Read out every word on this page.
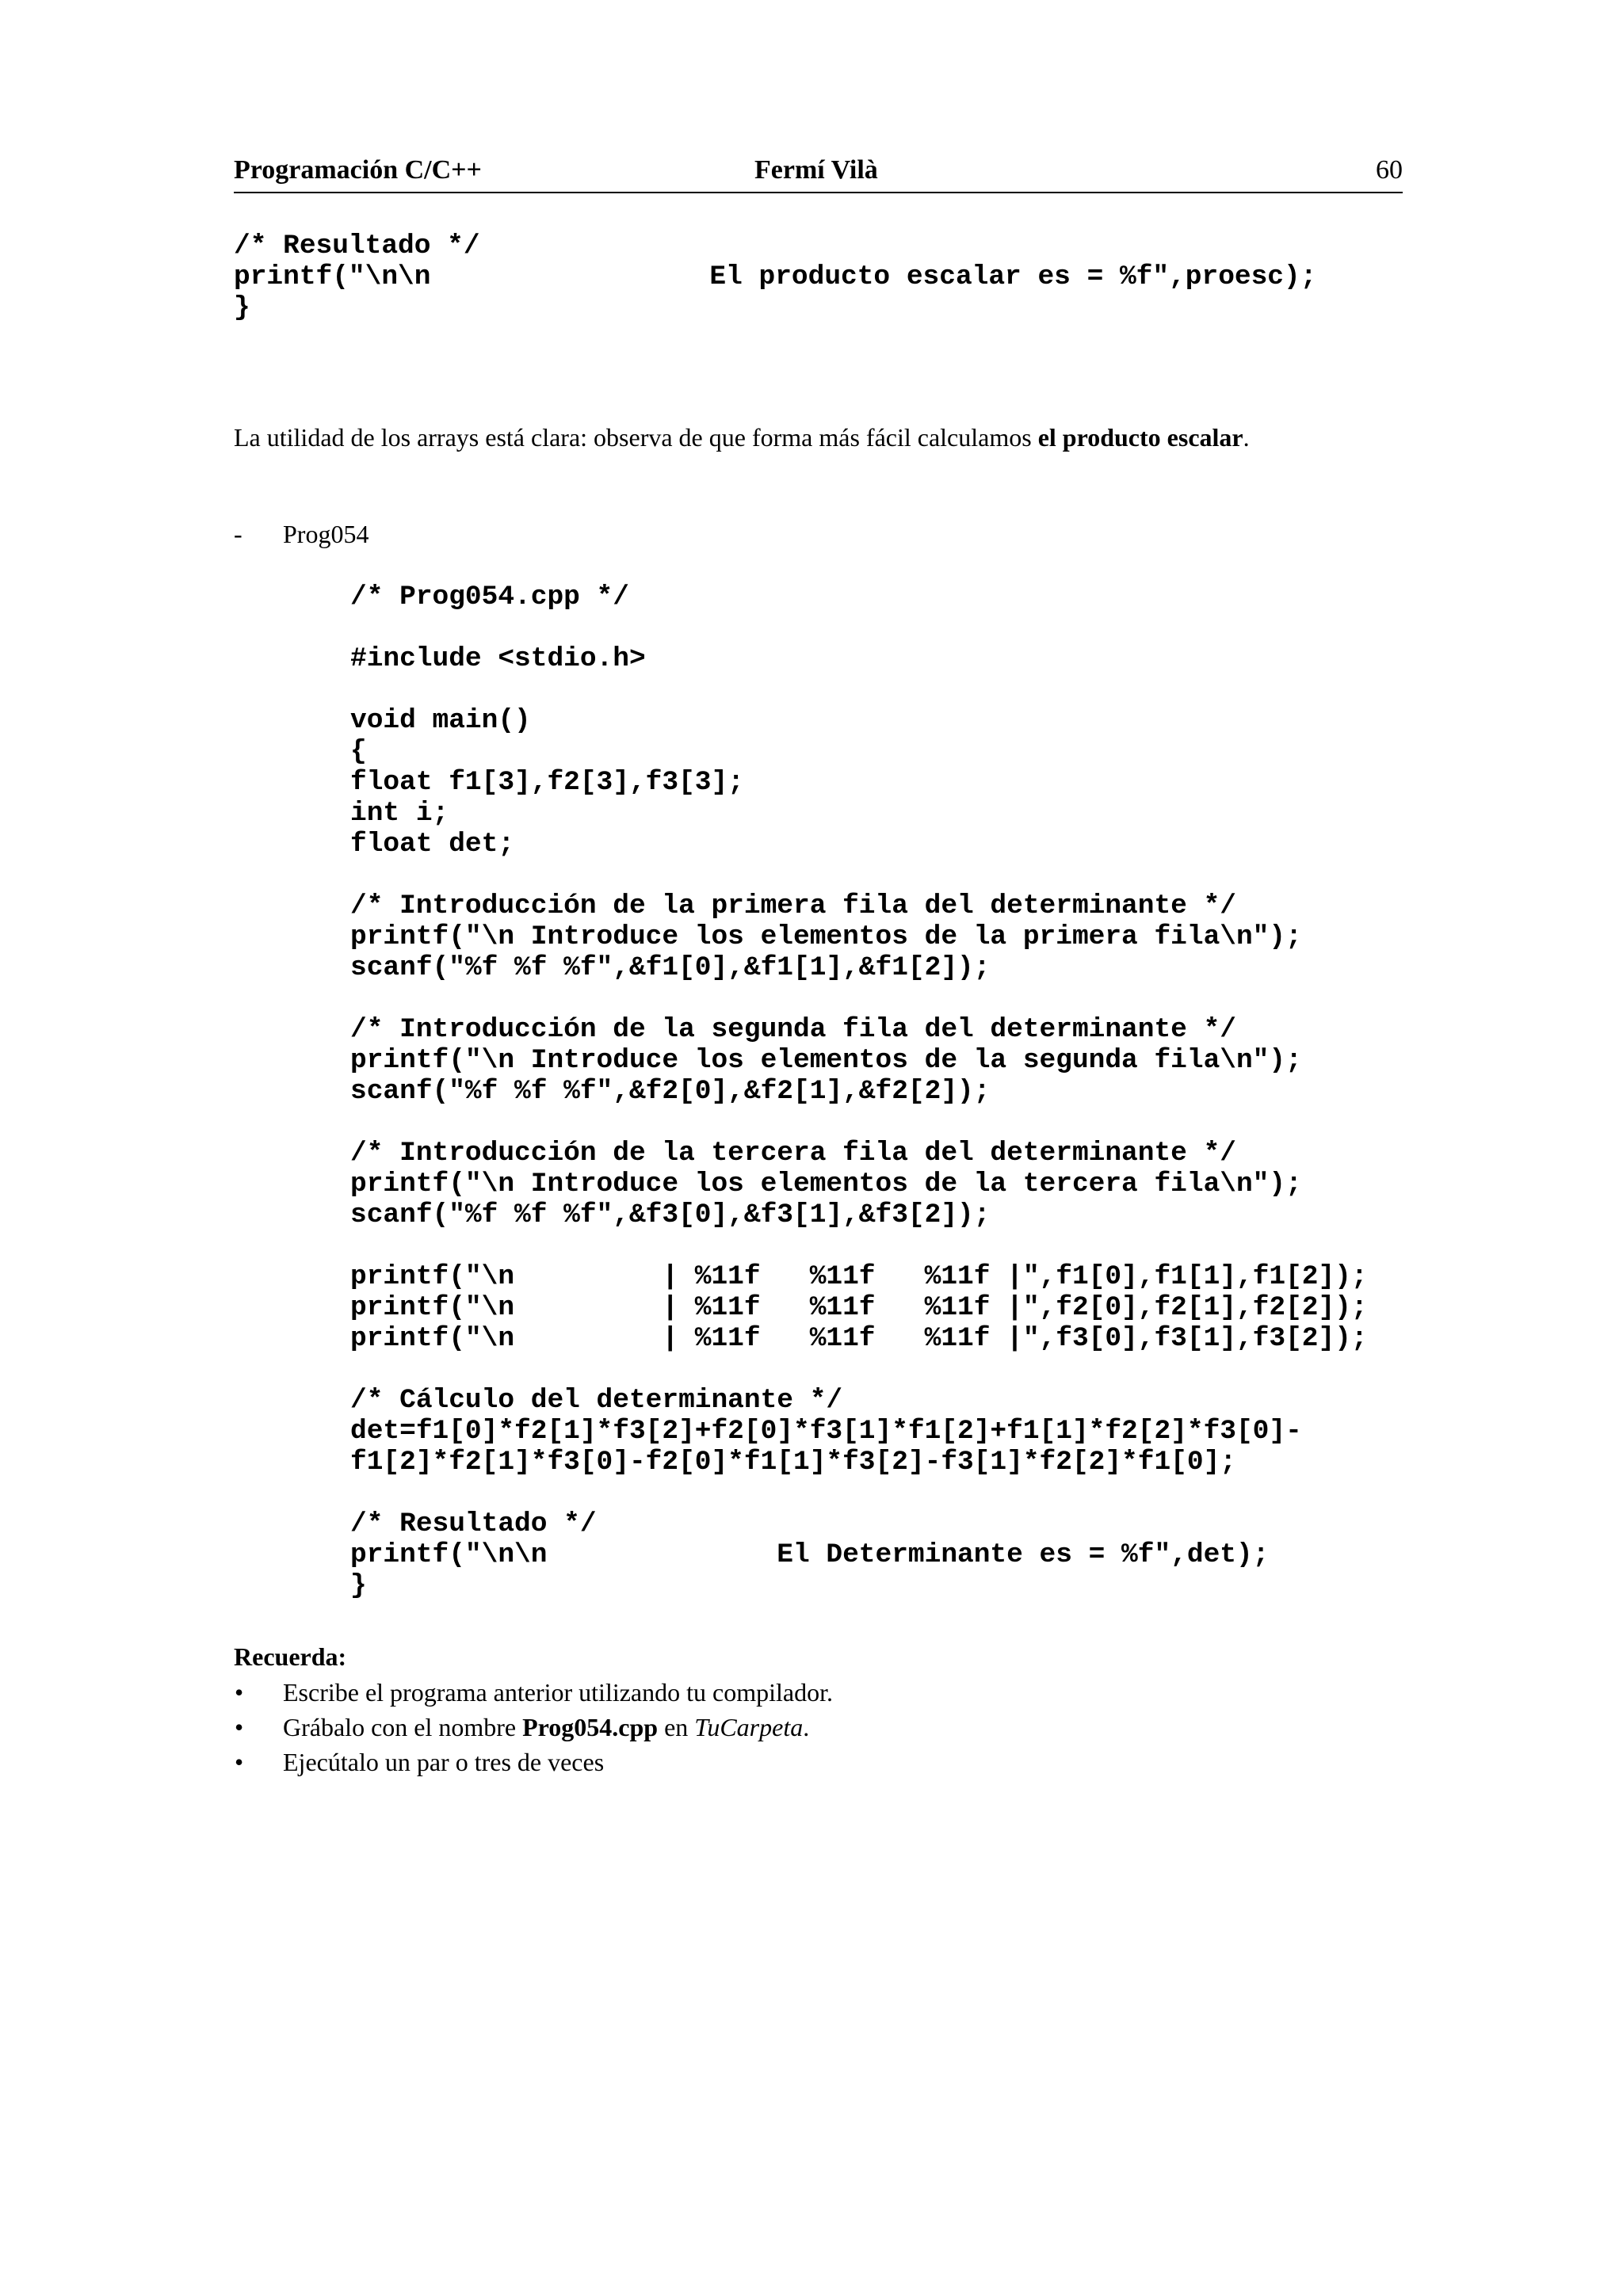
Programación C/C++	Fermí Vilà	60
/* Resultado */
printf("\n\n                 El producto escalar es = %f",proesc);
}
La utilidad de los arrays está clara: observa de que forma más fácil calculamos el producto escalar.
- Prog054
/* Prog054.cpp */
#include <stdio.h>
void main()
{
float f1[3],f2[3],f3[3];
int i;
float det;
/* Introducción de la primera fila del determinante */
printf("\n Introduce los elementos de la primera fila\n");
scanf("%f %f %f",&f1[0],&f1[1],&f1[2]);
/* Introducción de la segunda fila del determinante */
printf("\n Introduce los elementos de la segunda fila\n");
scanf("%f %f %f",&f2[0],&f2[1],&f2[2]);
/* Introducción de la tercera fila del determinante */
printf("\n Introduce los elementos de la tercera fila\n");
scanf("%f %f %f",&f3[0],&f3[1],&f3[2]);
printf("\n         | %11f   %11f   %11f |",f1[0],f1[1],f1[2]);
printf("\n         | %11f   %11f   %11f |",f2[0],f2[1],f2[2]);
printf("\n         | %11f   %11f   %11f |",f3[0],f3[1],f3[2]);
/* Cálculo del determinante */
det=f1[0]*f2[1]*f3[2]+f2[0]*f3[1]*f1[2]+f1[1]*f2[2]*f3[0]-
f1[2]*f2[1]*f3[0]-f2[0]*f1[1]*f3[2]-f3[1]*f2[2]*f1[0];
/* Resultado */
printf("\n\n              El Determinante es = %f",det);
}
Recuerda:
• Escribe el programa anterior utilizando tu compilador.
• Grábalo con el nombre Prog054.cpp en TuCarpeta.
• Ejecútalo un par o tres de veces
